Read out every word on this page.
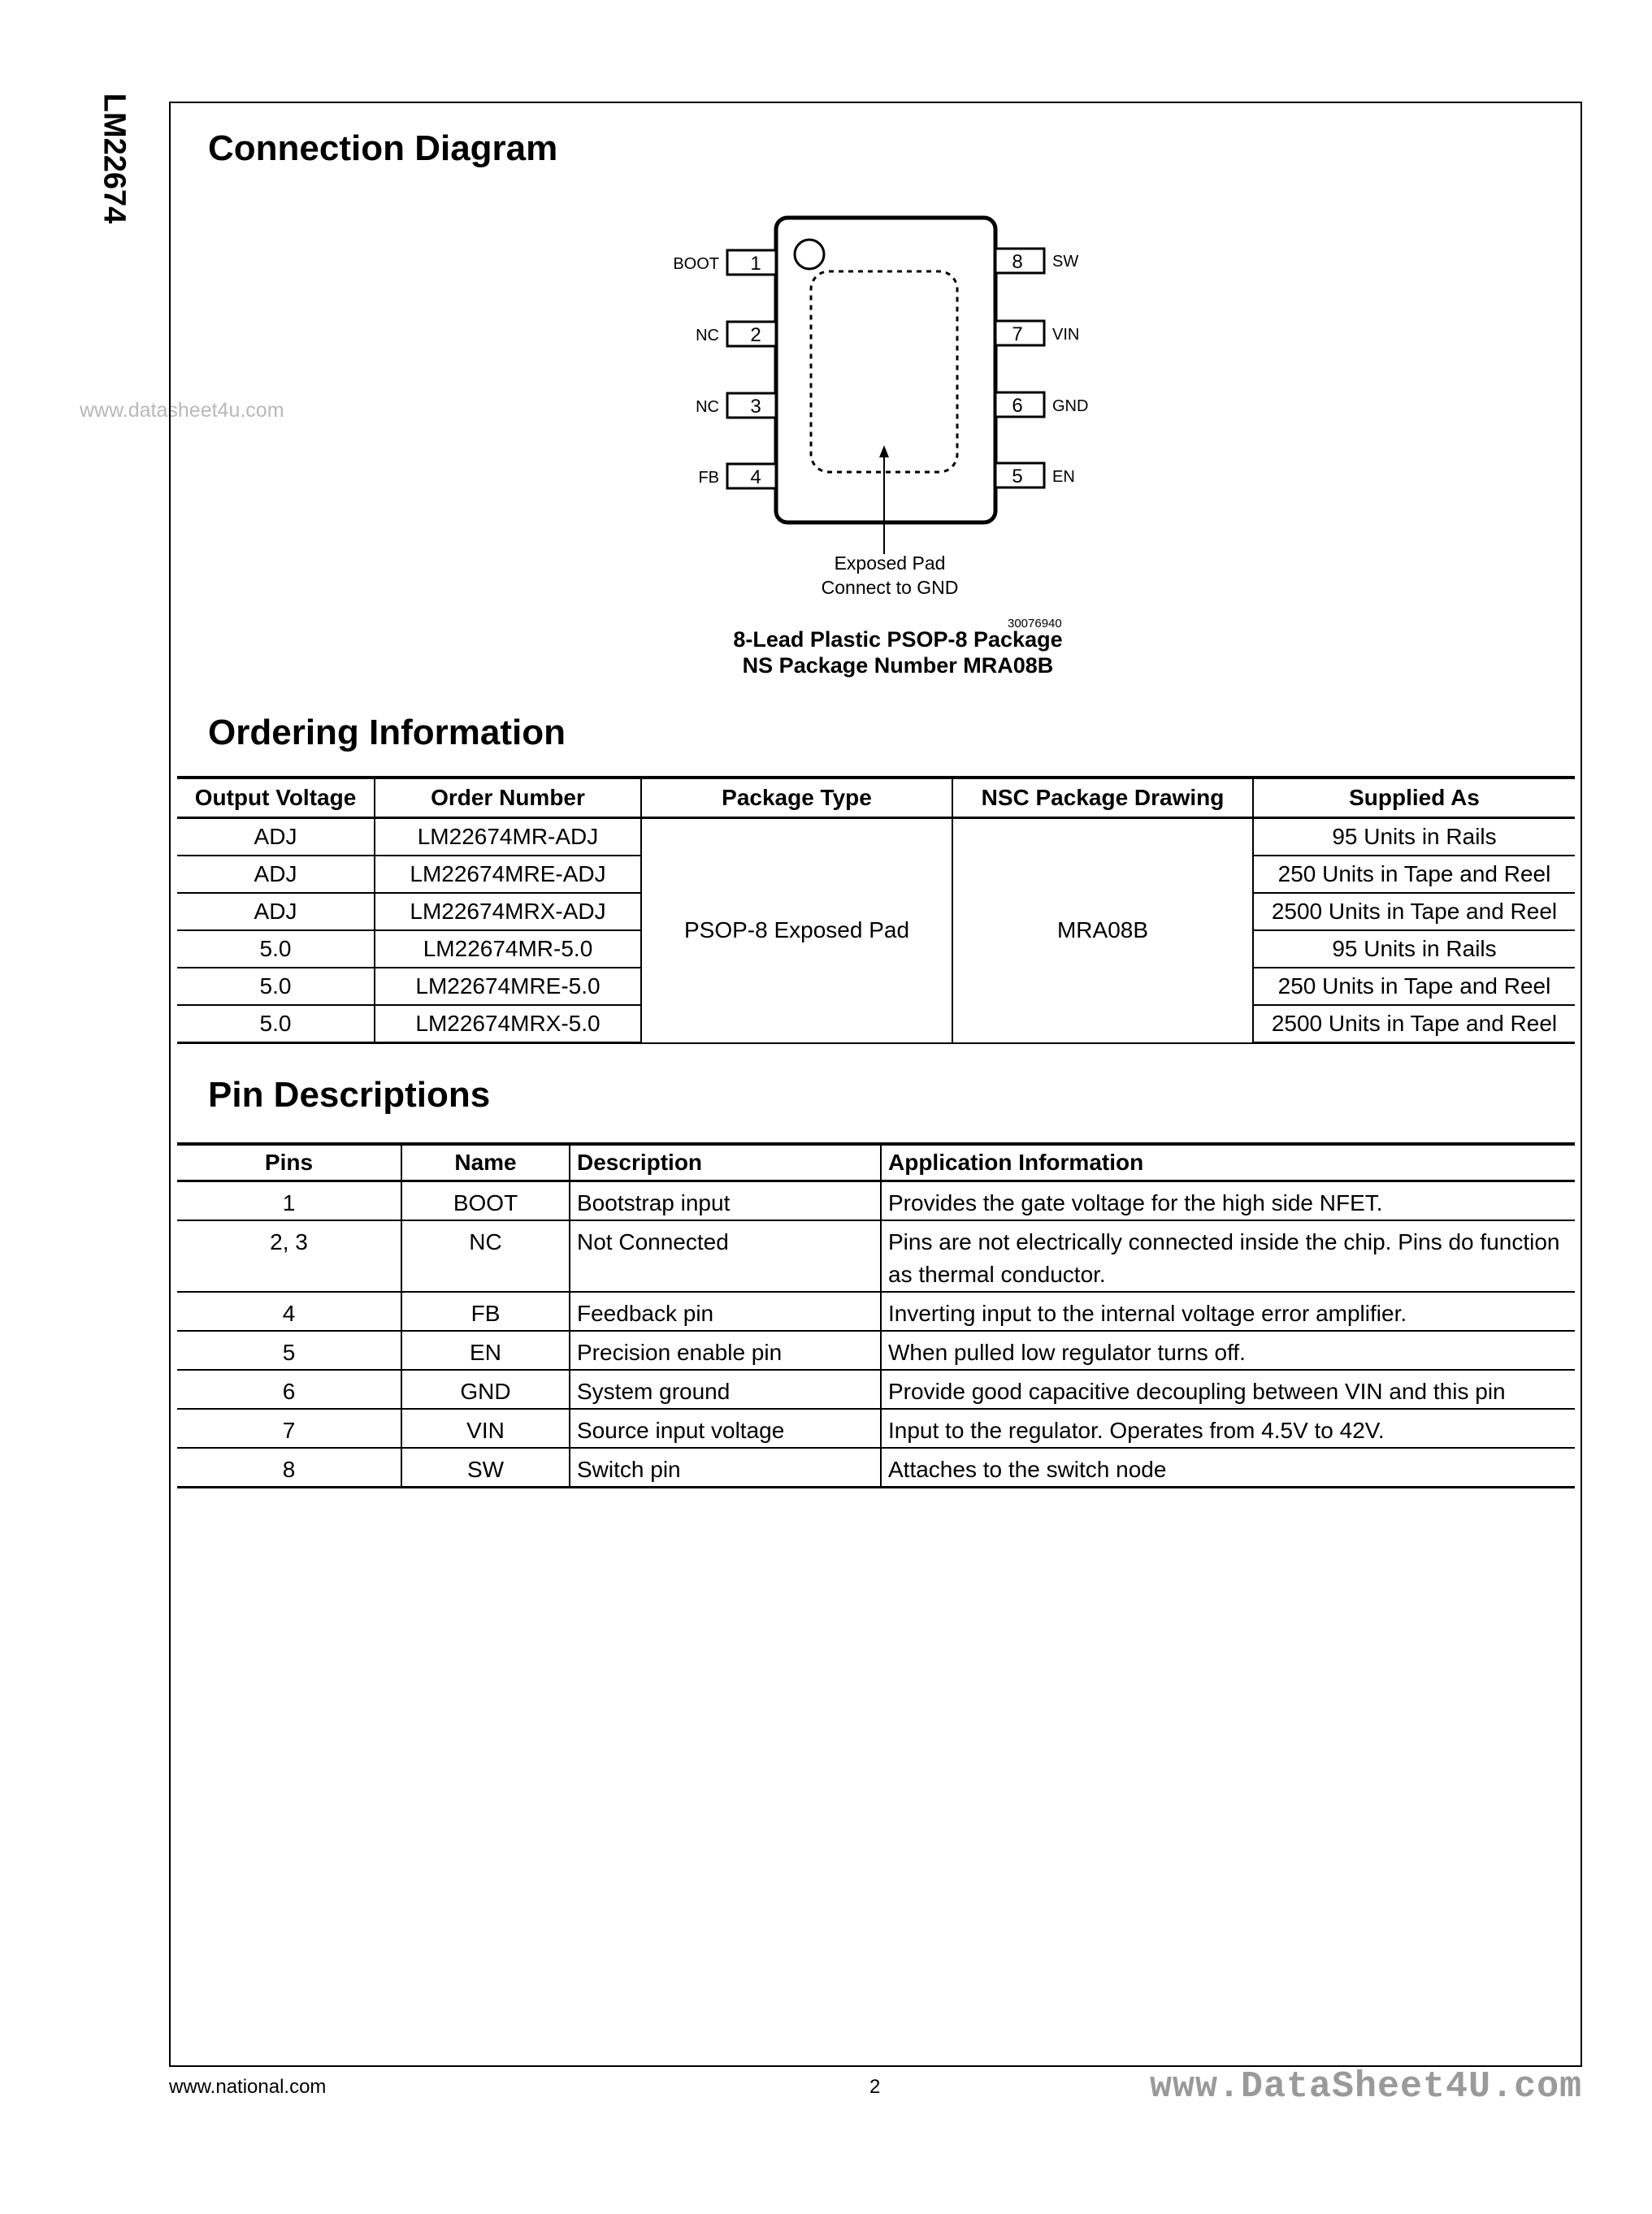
LM22674
www.datasheet4u.com
Connection Diagram
1
BOOT
2
NC
3
NC
4
FB
8 SW
7 VIN
6 GND
5 EN
Exposed Pad
Connect to GND
30076940
8-Lead Plastic PSOP-8 Package
NS Package Number MRA08B
Ordering Information
Output Voltage	Order Number	Package Type	NSC Package Drawing	Supplied As
ADJ	LM22674MR-ADJ	PSOP-8 Exposed Pad	MRA08B	95 Units in Rails
ADJ	LM22674MRE-ADJ			250 Units in Tape and Reel
ADJ	LM22674MRX-ADJ			2500 Units in Tape and Reel
5.0	LM22674MR-5.0			95 Units in Rails
5.0	LM22674MRE-5.0			250 Units in Tape and Reel
5.0	LM22674MRX-5.0			2500 Units in Tape and Reel
Pin Descriptions
Pins	Name	Description	Application Information
1	BOOT	Bootstrap input	Provides the gate voltage for the high side NFET.
2, 3	NC	Not Connected	Pins are not electrically connected inside the chip. Pins do function as thermal conductor.
4	FB	Feedback pin	Inverting input to the internal voltage error amplifier.
5	EN	Precision enable pin	When pulled low regulator turns off.
6	GND	System ground	Provide good capacitive decoupling between VIN and this pin
7	VIN	Source input voltage	Input to the regulator. Operates from 4.5V to 42V.
8	SW	Switch pin	Attaches to the switch node
www.national.com	2	www.DataSheet4U.com
